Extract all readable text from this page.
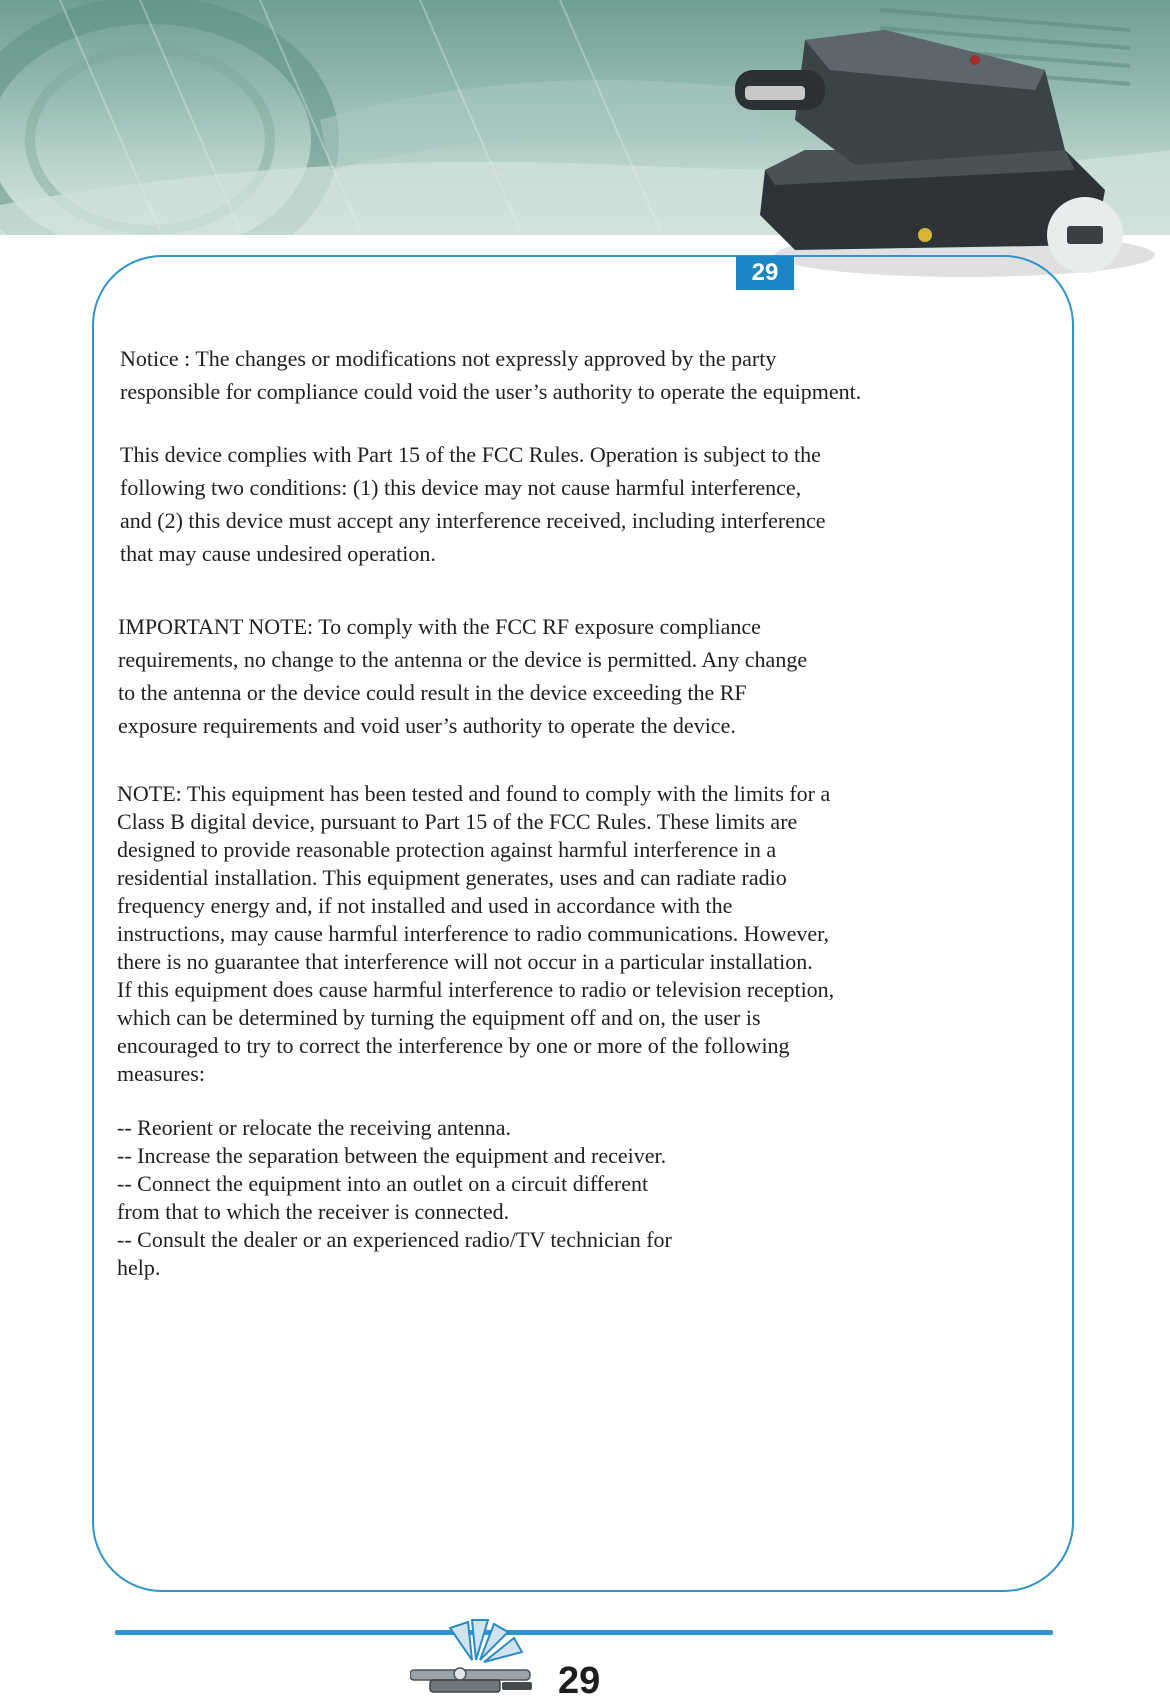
29

Notice : The changes or modifications not expressly approved by the party
responsible for compliance could void the user’s authority to operate the equipment.

This device complies with Part 15 of the FCC Rules. Operation is subject to the
following two conditions: (1) this device may not cause harmful interference,
and (2) this device must accept any interference received, including interference
that may cause undesired operation.

IMPORTANT NOTE: To comply with the FCC RF exposure compliance
requirements, no change to the antenna or the device is permitted. Any change
to the antenna or the device could result in the device exceeding the RF
exposure requirements and void user’s authority to operate the device.

NOTE: This equipment has been tested and found to comply with the limits for a
Class B digital device, pursuant to Part 15 of the FCC Rules. These limits are
designed to provide reasonable protection against harmful interference in a
residential installation. This equipment generates, uses and can radiate radio
frequency energy and, if not installed and used in accordance with the
instructions, may cause harmful interference to radio communications. However,
there is no guarantee that interference will not occur in a particular installation.
If this equipment does cause harmful interference to radio or television reception,
which can be determined by turning the equipment off and on, the user is
encouraged to try to correct the interference by one or more of the following
measures:

-- Reorient or relocate the receiving antenna.
-- Increase the separation between the equipment and receiver.
-- Connect the equipment into an outlet on a circuit different
from that to which the receiver is connected.
-- Consult the dealer or an experienced radio/TV technician for
help.

29
